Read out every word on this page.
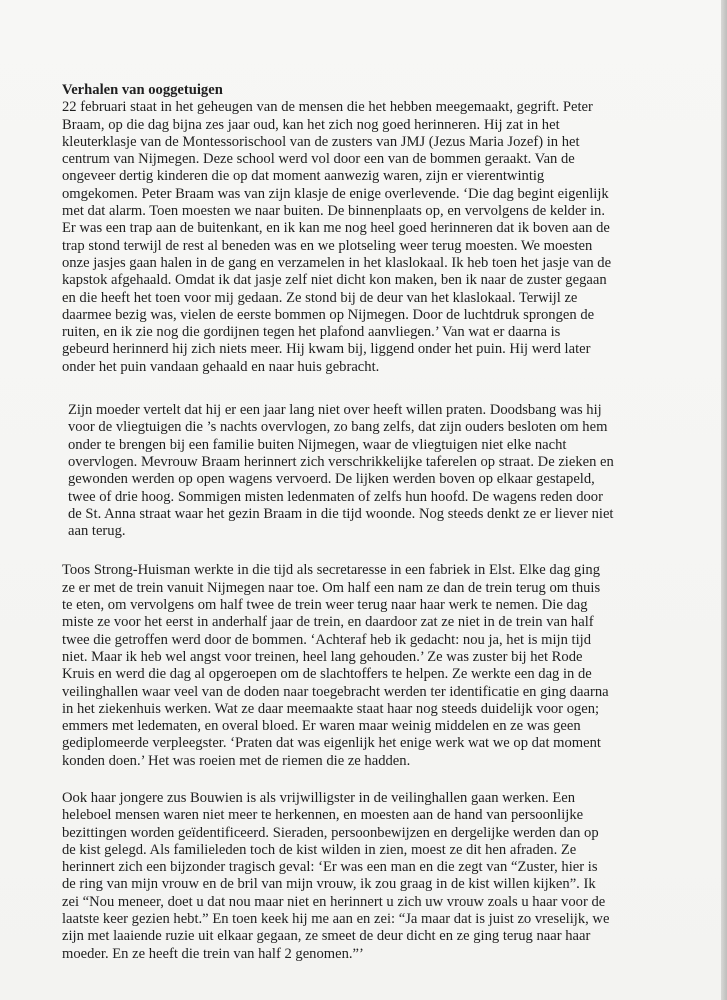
Verhalen van ooggetuigen

22 februari staat in het geheugen van de mensen die het hebben meegemaakt, gegrift. Peter
Braam, op die dag bijna zes jaar oud, kan het zich nog goed herinneren. Hij zat in het
kleuterklasje van de Montessorischool van de zusters van JMJ (Jezus Maria Jozef) in het
centrum van Nijmegen. Deze school werd vol door een van de bommen geraakt. Van de
ongeveer dertig kinderen die op dat moment aanwezig waren, zijn er vierentwintig
omgekomen. Peter Braam was van zijn klasje de enige overlevende. ‘Die dag begint eigenlijk
met dat alarm. Toen moesten we naar buiten. De binnenplaats op, en vervolgens de kelder in.
Er was een trap aan de buitenkant, en ik kan me nog heel goed herinneren dat ik boven aan de
trap stond terwijl de rest al beneden was en we plotseling weer terug moesten. We moesten
onze jasjes gaan halen in de gang en verzamelen in het klaslokaal. Ik heb toen het jasje van de
kapstok afgehaald. Omdat ik dat jasje zelf niet dicht kon maken, ben ik naar de zuster gegaan
en die heeft het toen voor mij gedaan. Ze stond bij de deur van het klaslokaal. Terwijl ze
daarmee bezig was, vielen de eerste bommen op Nijmegen. Door de luchtdruk sprongen de
ruiten, en ik zie nog die gordijnen tegen het plafond aanvliegen.’ Van wat er daarna is
gebeurd herinnerd hij zich niets meer. Hij kwam bij, liggend onder het puin. Hij werd later
onder het puin vandaan gehaald en naar huis gebracht.
Zijn moeder vertelt dat hij er een jaar lang niet over heeft willen praten. Doodsbang was hij
voor de vliegtuigen die ’s nachts overvlogen, zo bang zelfs, dat zijn ouders besloten om hem
onder te brengen bij een familie buiten Nijmegen, waar de vliegtuigen niet elke nacht
overvlogen. Mevrouw Braam herinnert zich verschrikkelijke taferelen op straat. De zieken en
gewonden werden op open wagens vervoerd. De lijken werden boven op elkaar gestapeld,
twee of drie hoog. Sommigen misten ledenmaten of zelfs hun hoofd. De wagens reden door
de St. Anna straat waar het gezin Braam in die tijd woonde. Nog steeds denkt ze er liever niet
aan terug.
Toos Strong-Huisman werkte in die tijd als secretaresse in een fabriek in Elst. Elke dag ging
ze er met de trein vanuit Nijmegen naar toe. Om half een nam ze dan de trein terug om thuis
te eten, om vervolgens om half twee de trein weer terug naar haar werk te nemen. Die dag
miste ze voor het eerst in anderhalf jaar de trein, en daardoor zat ze niet in de trein van half
twee die getroffen werd door de bommen. ‘Achteraf heb ik gedacht: nou ja, het is mijn tijd
niet. Maar ik heb wel angst voor treinen, heel lang gehouden.’ Ze was zuster bij het Rode
Kruis en werd die dag al opgeroepen om de slachtoffers te helpen. Ze werkte een dag in de
veilinghallen waar veel van de doden naar toegebracht werden ter identificatie en ging daarna
in het ziekenhuis werken. Wat ze daar meemaakte staat haar nog steeds duidelijk voor ogen;
emmers met ledematen, en overal bloed. Er waren maar weinig middelen en ze was geen
gediplomeerde verpleegster. ‘Praten dat was eigenlijk het enige werk wat we op dat moment
konden doen.’ Het was roeien met de riemen die ze hadden.
Ook haar jongere zus Bouwien is als vrijwilligster in de veilinghallen gaan werken. Een
heleboel mensen waren niet meer te herkennen, en moesten aan de hand van persoonlijke
bezittingen worden geïdentificeerd. Sieraden, persoonbewijzen en dergelijke werden dan op
de kist gelegd. Als familieleden toch de kist wilden in zien, moest ze dit hen afraden. Ze
herinnert zich een bijzonder tragisch geval: ‘Er was een man en die zegt van “Zuster, hier is
de ring van mijn vrouw en de bril van mijn vrouw, ik zou graag in de kist willen kijken”. Ik
zei “Nou meneer, doet u dat nou maar niet en herinnert u zich uw vrouw zoals u haar voor de
laatste keer gezien hebt.” En toen keek hij me aan en zei: “Ja maar dat is juist zo vreselijk, we
zijn met laaiende ruzie uit elkaar gegaan, ze smeet de deur dicht en ze ging terug naar haar
moeder. En ze heeft die trein van half 2 genomen.”’
